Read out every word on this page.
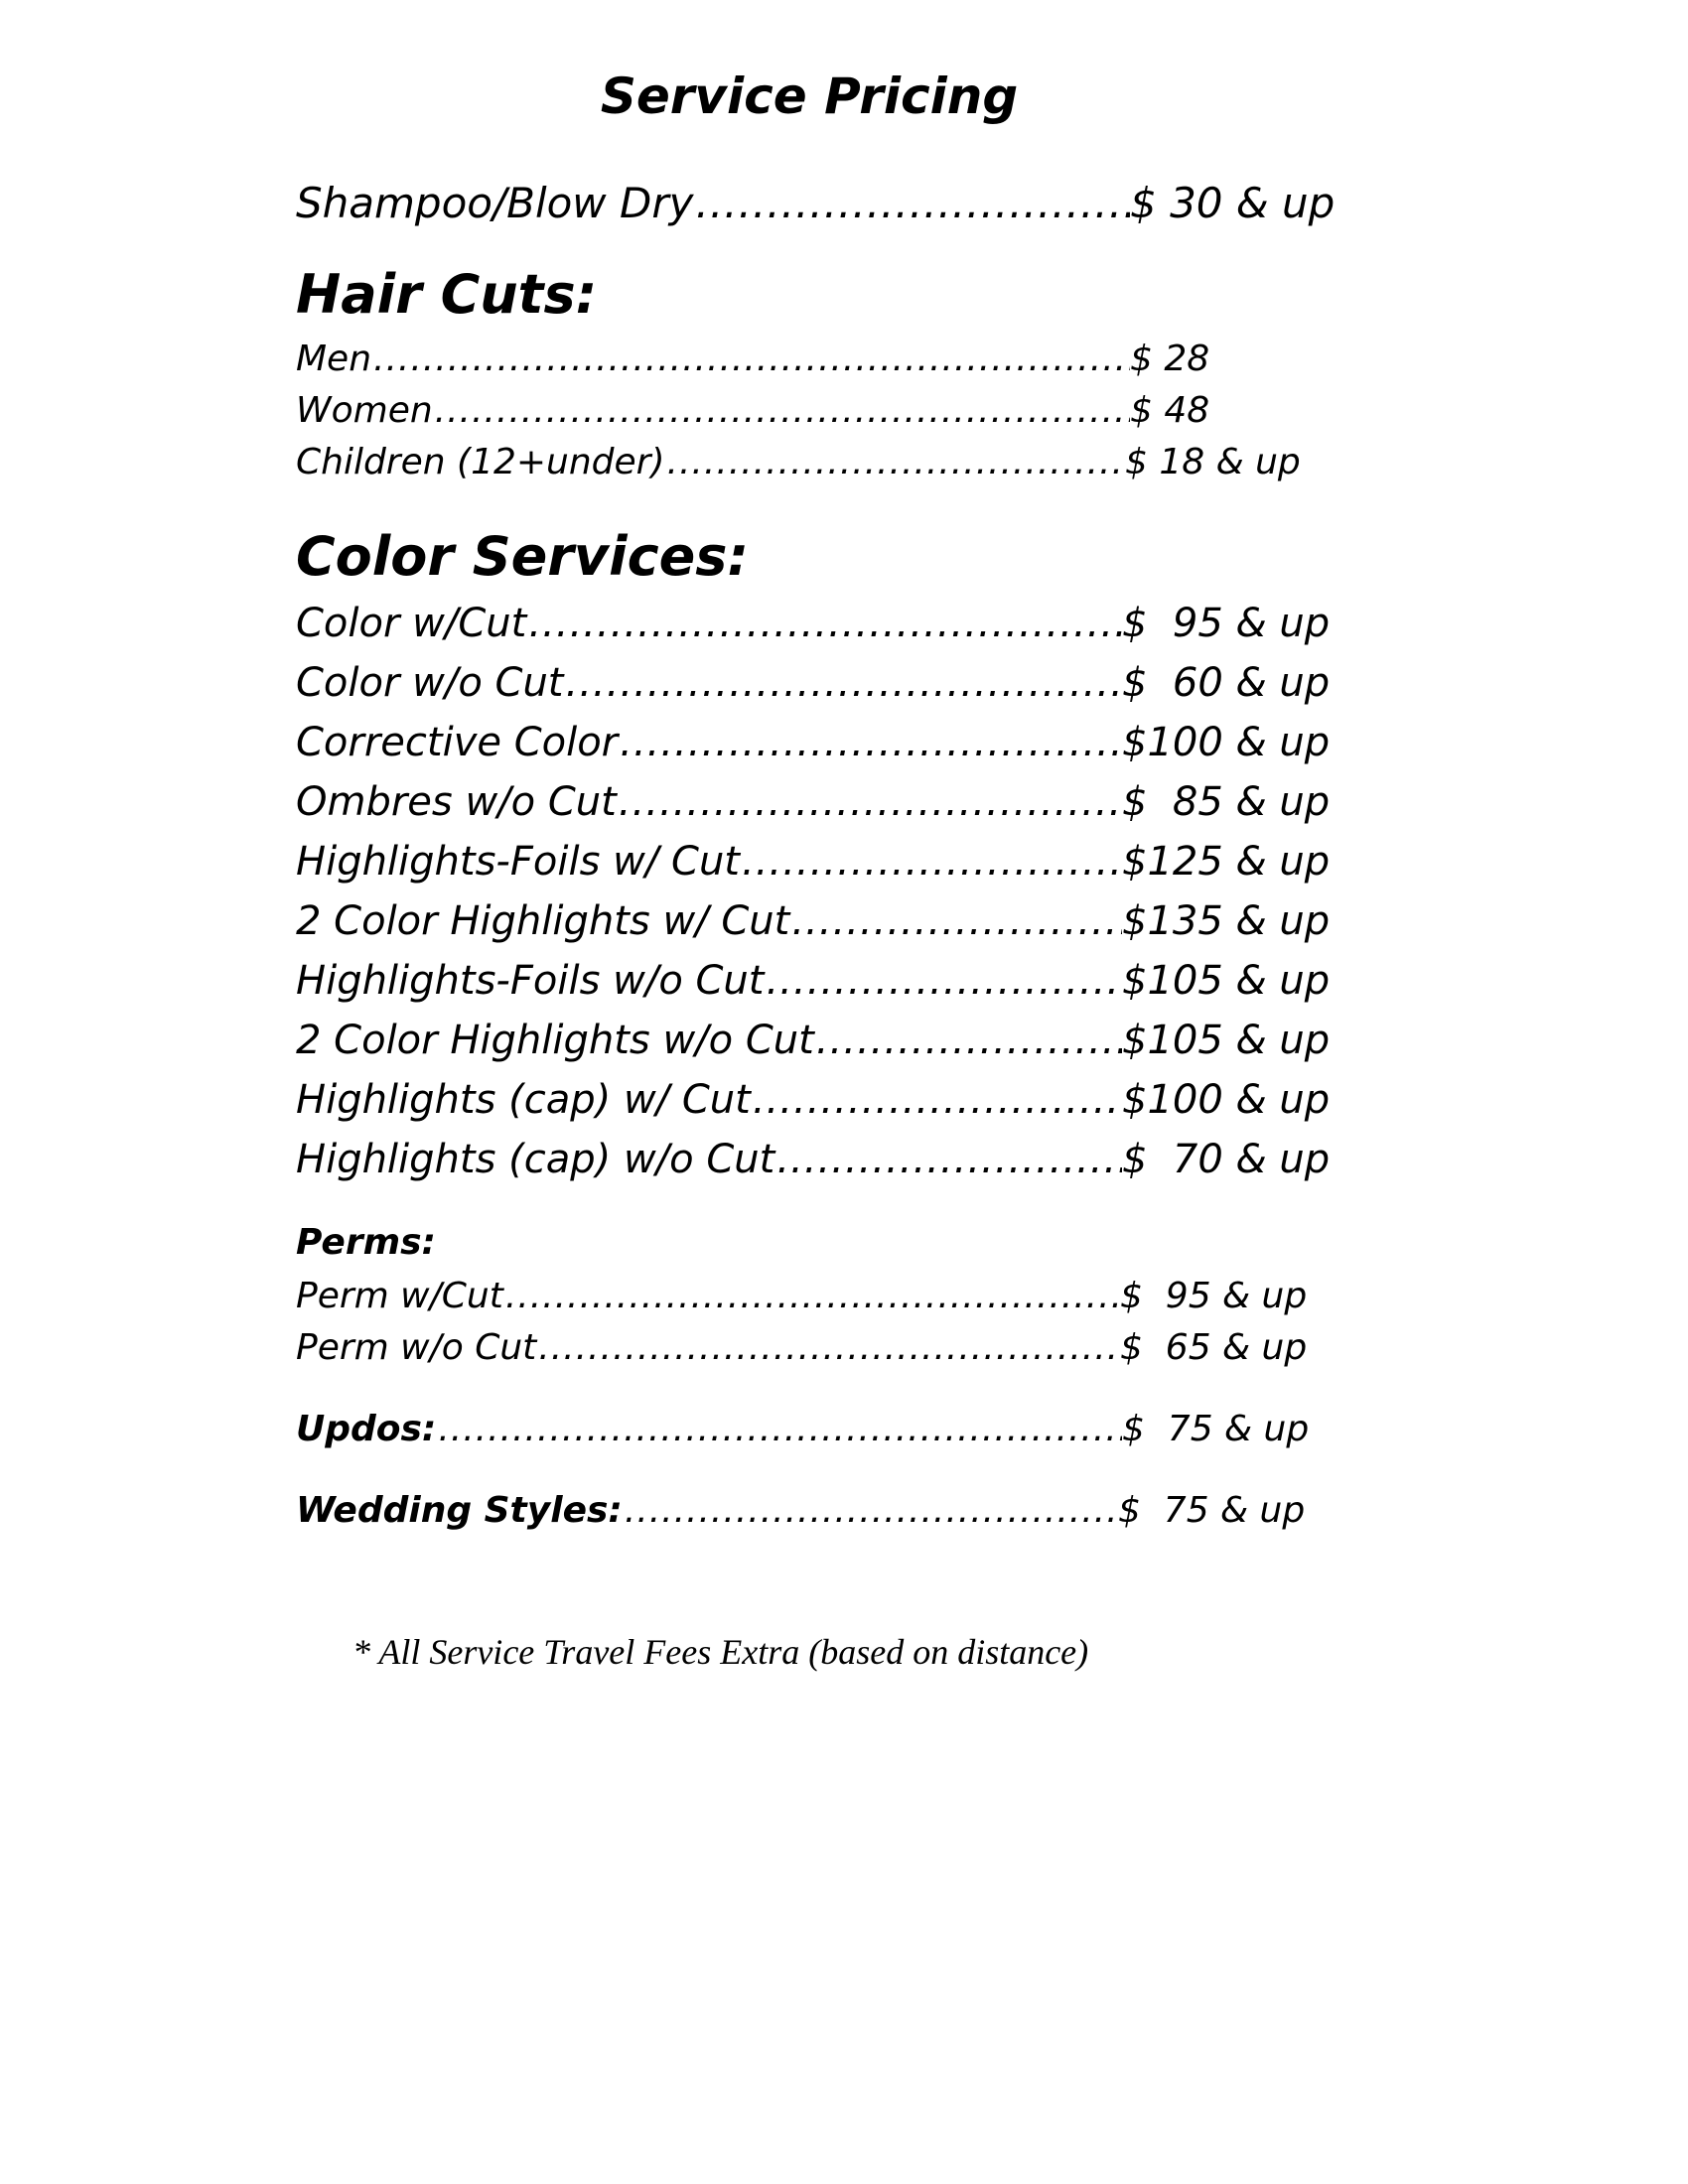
Service Pricing
Shampoo/Blow Dry .....	$ 30 & up
Hair Cuts:
Men .....	$ 28
Women .....	$ 48
Children (12+under) .....	$ 18 & up
Color Services:
Color w/Cut .....	$  95 & up
Color w/o Cut .....	$  60 & up
Corrective Color .....	$100 & up
Ombres w/o Cut .....	$  85 & up
Highlights-Foils w/ Cut .....	$125 & up
2 Color Highlights w/ Cut .....	$135 & up
Highlights-Foils w/o Cut .....	$105 & up
2 Color Highlights w/o Cut .....	$105 & up
Highlights (cap) w/ Cut .....	$100 & up
Highlights (cap) w/o Cut .....	$  70 & up
Perms:
Perm w/Cut .....	$  95 & up
Perm w/o Cut .....	$  65 & up
Updos: .....	$  75 & up
Wedding Styles: .....	$  75 & up
* All Service Travel Fees Extra (based on distance)
